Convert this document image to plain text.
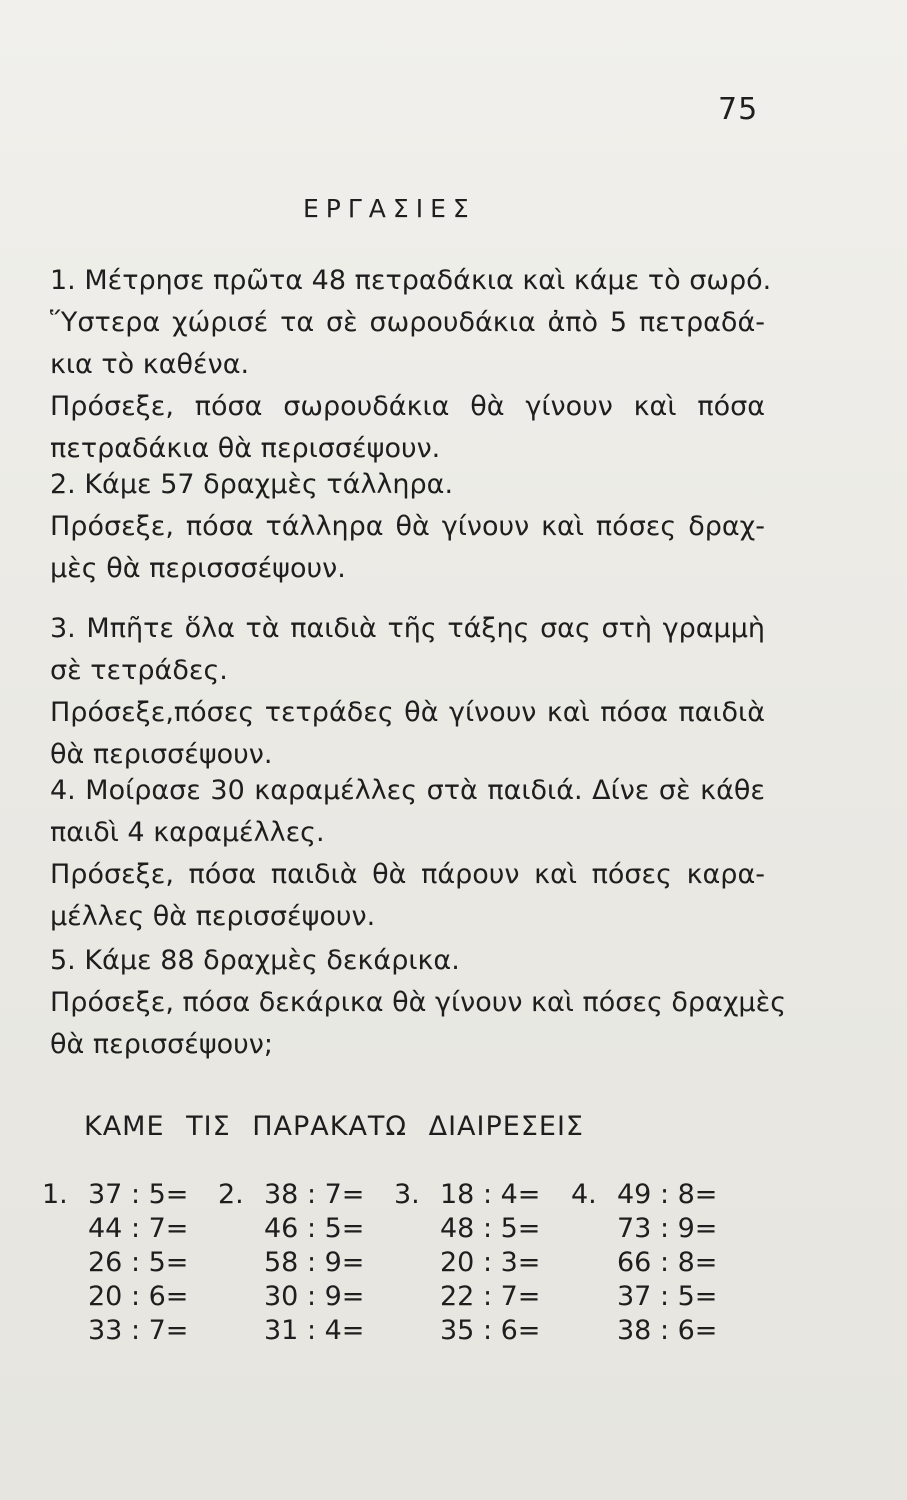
75
ΕΡΓΑΣΙΕΣ
1. Μέτρησε πρῶτα 48 πετραδάκια καὶ κάμε τὸ σωρό.
Ὕστερα χώρισέ τα σὲ σωρουδάκια ἀπὸ 5 πετραδά-
κια τὸ καθένα.
Πρόσεξε, πόσα σωρουδάκια θὰ γίνουν καὶ πόσα
πετραδάκια θὰ περισσέψουν.
2. Κάμε 57 δραχμὲς τάλληρα.
Πρόσεξε, πόσα τάλληρα θὰ γίνουν καὶ πόσες δραχ-
μὲς θὰ περισσσέψουν.
3. Μπῆτε ὅλα τὰ παιδιὰ τῆς τάξης σας στὴ γραμμὴ
σὲ τετράδες.
Πρόσεξε,πόσες τετράδες θὰ γίνουν καὶ πόσα παιδιὰ
θὰ περισσέψουν.
4. Μοίρασε 30 καραμέλλες στὰ παιδιά. Δίνε σὲ κάθε
παιδὶ 4 καραμέλλες.
Πρόσεξε, πόσα παιδιὰ θὰ πάρουν καὶ πόσες καρα-
μέλλες θὰ περισσέψουν.
5. Κάμε 88 δραχμὲς δεκάρικα.
Πρόσεξε, πόσα δεκάρικα θὰ γίνουν καὶ πόσες δραχμὲς
θὰ περισσέψουν;
ΚΑΜΕ ΤΙΣ ΠΑΡΑΚΑΤΩ ΔΙΑΙΡΕΣΕΙΣ
1. 37 : 5=
44 : 7=
26 : 5=
20 : 6=
33 : 7=
2. 38 : 7=
46 : 5=
58 : 9=
30 : 9=
31 : 4=
3. 18 : 4=
48 : 5=
20 : 3=
22 : 7=
35 : 6=
4. 49 : 8=
73 : 9=
66 : 8=
37 : 5=
38 : 6=
